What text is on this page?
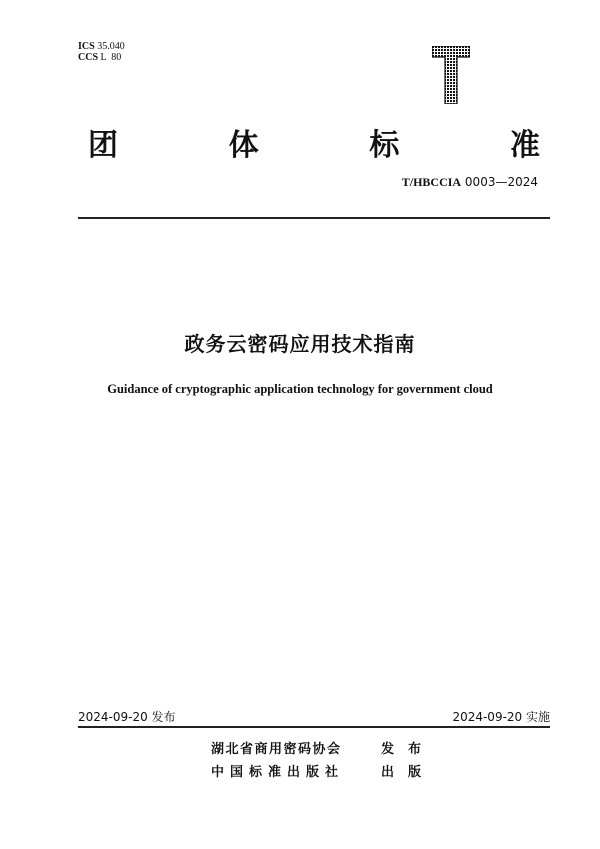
ICS 35.040
CCS L  80
团	体	标	准
T/HBCCIA 0003—2024
政务云密码应用技术指南
Guidance of cryptographic application technology for government cloud
2024-09-20 发布	2024-09-20 实施
湖北省商用密码协会	发布
中国标准出版社	出版
